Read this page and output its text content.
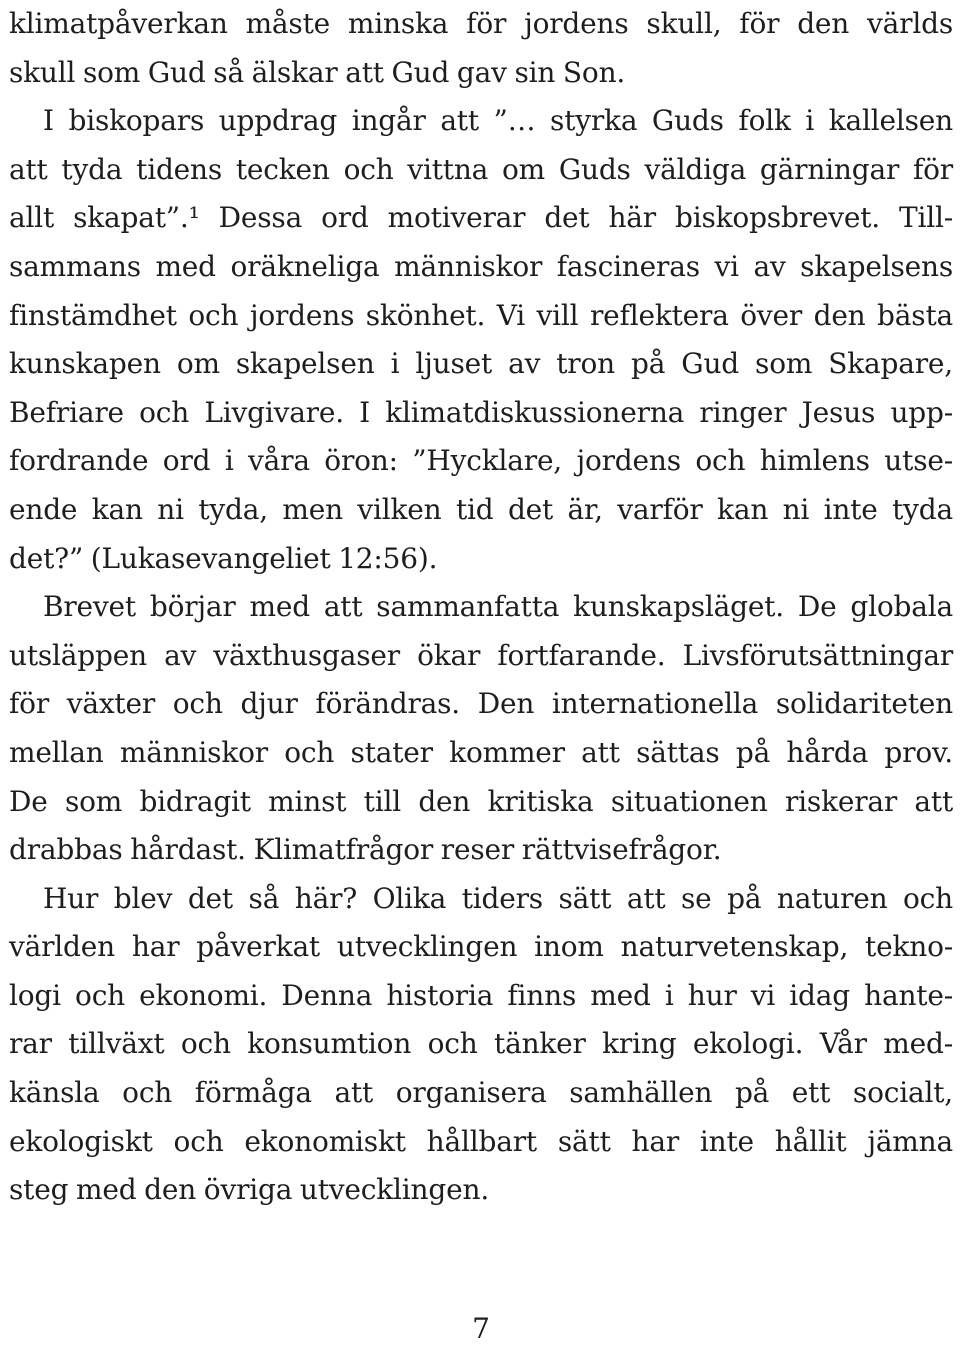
klimatpåverkan måste minska för jordens skull, för den världs
skull som Gud så älskar att Gud gav sin Son.
I biskopars uppdrag ingår att ”… styrka Guds folk i kallelsen
att tyda tidens tecken och vittna om Guds väldiga gärningar för
allt skapat”.¹ Dessa ord motiverar det här biskopsbrevet. Till-
sammans med oräkneliga människor fascineras vi av skapelsens
finstämdhet och jordens skönhet. Vi vill reflektera över den bästa
kunskapen om skapelsen i ljuset av tron på Gud som Skapare,
Befriare och Livgivare. I klimatdiskussionerna ringer Jesus upp-
fordrande ord i våra öron: ”Hycklare, jordens och himlens utse-
ende kan ni tyda, men vilken tid det är, varför kan ni inte tyda
det?” (Lukasevangeliet 12:56).
Brevet börjar med att sammanfatta kunskapsläget. De globala
utsläppen av växthusgaser ökar fortfarande. Livsförutsättningar
för växter och djur förändras. Den internationella solidariteten
mellan människor och stater kommer att sättas på hårda prov.
De som bidragit minst till den kritiska situationen riskerar att
drabbas hårdast. Klimatfrågor reser rättvisefrågor.
Hur blev det så här? Olika tiders sätt att se på naturen och
världen har påverkat utvecklingen inom naturvetenskap, tekno-
logi och ekonomi. Denna historia finns med i hur vi idag hante-
rar tillväxt och konsumtion och tänker kring ekologi. Vår med-
känsla och förmåga att organisera samhällen på ett socialt,
ekologiskt och ekonomiskt hållbart sätt har inte hållit jämna
steg med den övriga utvecklingen.
7
